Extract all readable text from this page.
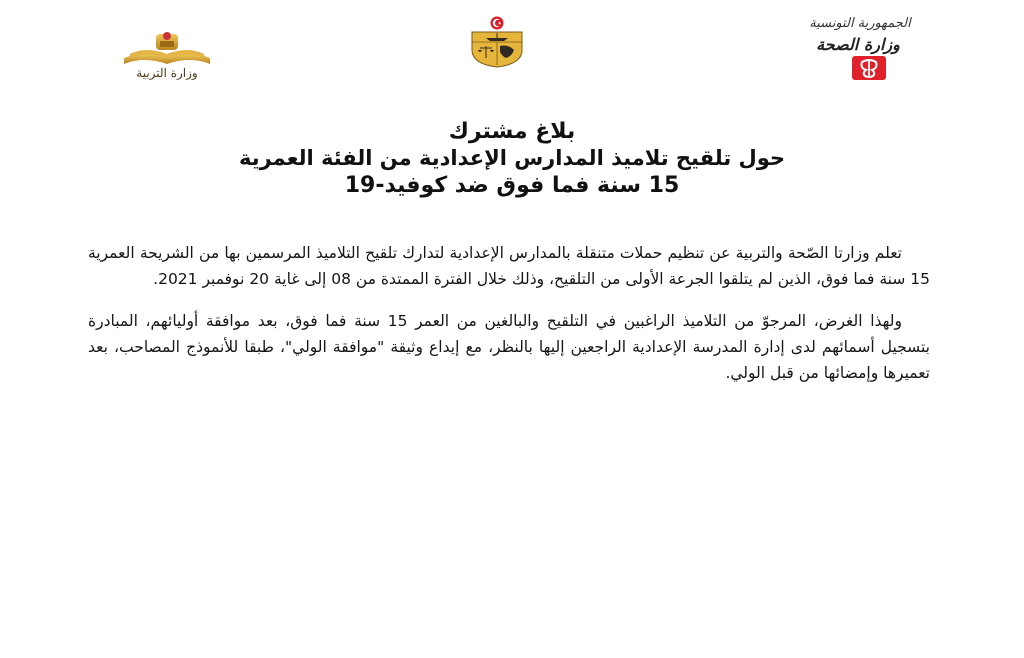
وزارة التربية
الجمهورية التونسية
وزارة الصحة
بلاغ مشترك
حول تلقيح تلاميذ المدارس الإعدادية من الفئة العمرية
15 سنة فما فوق ضد كوفيد-19

تعلم وزارتا الصّحة والتربية عن تنظيم حملات متنقلة بالمدارس الإعدادية لتدارك تلقيح التلاميذ المرسمين بها من الشريحة العمرية 15 سنة فما فوق، الذين لم يتلقوا الجرعة الأولى من التلقيح، وذلك خلال الفترة الممتدة من 08 إلى غاية 20 نوفمبر 2021.

ولهذا الغرض، المرجوّ من التلاميذ الراغبين في التلقيح والبالغين من العمر 15 سنة فما فوق، بعد موافقة أوليائهم، المبادرة بتسجيل أسمائهم لدى إدارة المدرسة الإعدادية الراجعين إليها بالنظر، مع إيداع وثيقة "موافقة الولي"، طبقا للأنموذج المصاحب، بعد تعميرها وإمضائها من قبل الولي.
